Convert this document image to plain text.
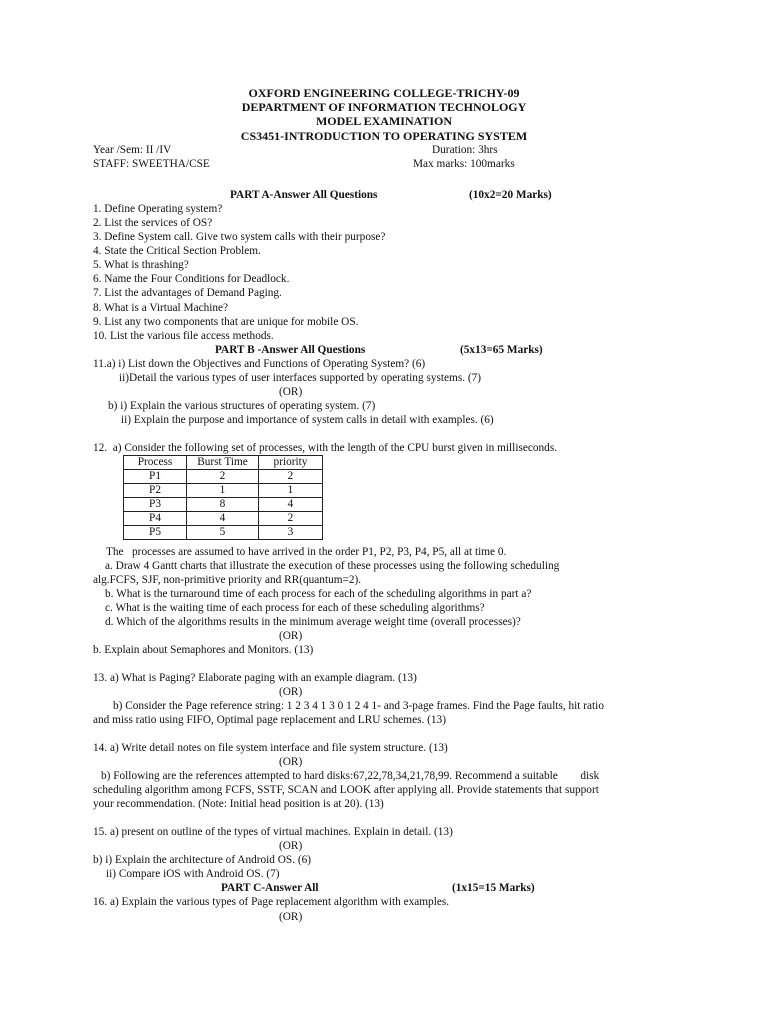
OXFORD ENGINEERING COLLEGE-TRICHY-09
DEPARTMENT OF INFORMATION TECHNOLOGY
MODEL EXAMINATION
CS3451-INTRODUCTION TO OPERATING SYSTEM
Year /Sem: II /IV	Duration: 3hrs
STAFF: SWEETHA/CSE	Max marks: 100marks
PART A-Answer All Questions	(10x2=20 Marks)
1. Define Operating system?
2. List the services of OS?
3. Define System call. Give two system calls with their purpose?
4. State the Critical Section Problem.
5. What is thrashing?
6. Name the Four Conditions for Deadlock.
7. List the advantages of Demand Paging.
8. What is a Virtual Machine?
9. List any two components that are unique for mobile OS.
10. List the various file access methods.
PART B -Answer All Questions	(5x13=65 Marks)
11.a) i) List down the Objectives and Functions of Operating System? (6)
ii)Detail the various types of user interfaces supported by operating systems. (7)
(OR)
b) i) Explain the various structures of operating system. (7)
ii) Explain the purpose and importance of system calls in detail with examples. (6)
12.  a) Consider the following set of processes, with the length of the CPU burst given in milliseconds.
Process	Burst Time	priority
P1	2	2
P2	1	1
P3	8	4
P4	4	2
P5	5	3
The   processes are assumed to have arrived in the order P1, P2, P3, P4, P5, all at time 0.
a. Draw 4 Gantt charts that illustrate the execution of these processes using the following scheduling
alg.FCFS, SJF, non-primitive priority and RR(quantum=2).
b. What is the turnaround time of each process for each of the scheduling algorithms in part a?
c. What is the waiting time of each process for each of these scheduling algorithms?
d. Which of the algorithms results in the minimum average weight time (overall processes)?
(OR)
b. Explain about Semaphores and Monitors. (13)
13. a) What is Paging? Elaborate paging with an example diagram. (13)
(OR)
b) Consider the Page reference string: 1 2 3 4 1 3 0 1 2 4 1- and 3-page frames. Find the Page faults, hit ratio
and miss ratio using FIFO, Optimal page replacement and LRU schemes. (13)
14. a) Write detail notes on file system interface and file system structure. (13)
(OR)
b) Following are the references attempted to hard disks:67,22,78,34,21,78,99. Recommend a suitable        disk
scheduling algorithm among FCFS, SSTF, SCAN and LOOK after applying all. Provide statements that support
your recommendation. (Note: Initial head position is at 20). (13)
15. a) present on outline of the types of virtual machines. Explain in detail. (13)
(OR)
b) i) Explain the architecture of Android OS. (6)
ii) Compare iOS with Android OS. (7)
PART C-Answer All	(1x15=15 Marks)
16. a) Explain the various types of Page replacement algorithm with examples.
(OR)
